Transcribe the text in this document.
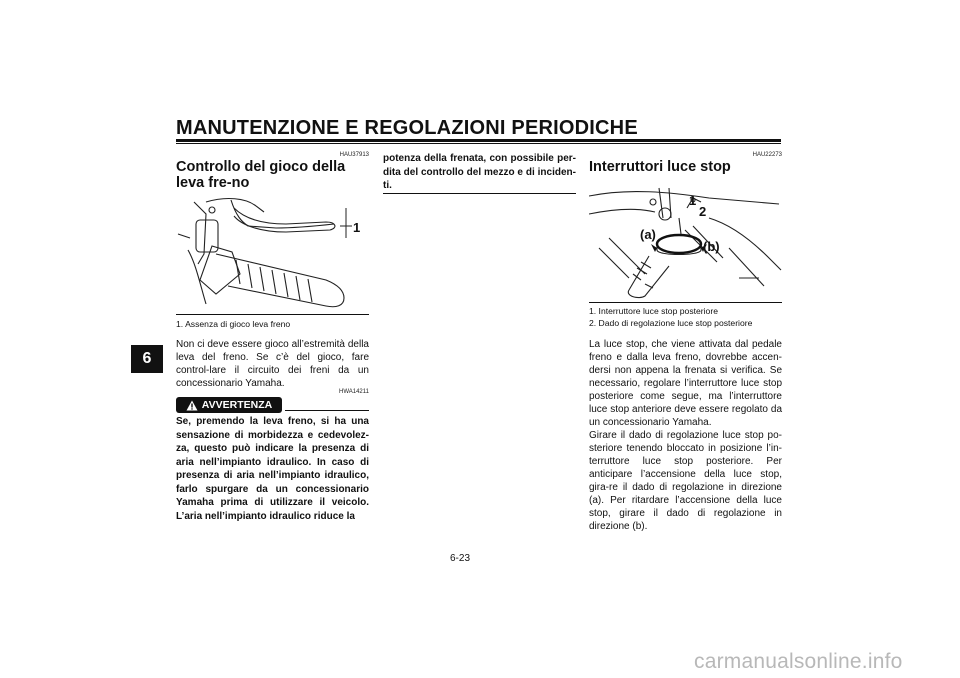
MANUTENZIONE E REGOLAZIONI PERIODICHE
6
HAU37913
Controllo del gioco della leva fre-no
1
1. Assenza di gioco leva freno
Non ci deve essere gioco all’estremità della leva del freno. Se c’è del gioco, fare control-lare il circuito dei freni da un concessionario Yamaha.
HWA14211
AVVERTENZA
Se, premendo la leva freno, si ha una sensazione di morbidezza e cedevolez-za, questo può indicare la presenza di aria nell’impianto idraulico. In caso di presenza di aria nell’impianto idraulico, farlo spurgare da un concessionario Yamaha prima di utilizzare il veicolo. L’aria nell’impianto idraulico riduce la
potenza della frenata, con possibile per-dita del controllo del mezzo e di inciden-ti.
HAU22273
Interruttori luce stop
1
2
(a)
(b)
1. Interruttore luce stop posteriore
2. Dado di regolazione luce stop posteriore
La luce stop, che viene attivata dal pedale freno e dalla leva freno, dovrebbe accen-dersi non appena la frenata si verifica. Se necessario, regolare l’interruttore luce stop posteriore come segue, ma l’interruttore luce stop anteriore deve essere regolato da un concessionario Yamaha.
Girare il dado di regolazione luce stop po-steriore tenendo bloccato in posizione l’in-terruttore luce stop posteriore. Per anticipare l’accensione della luce stop, gira-re il dado di regolazione in direzione (a). Per ritardare l’accensione della luce stop, girare il dado di regolazione in direzione (b).
6-23
carmanualsonline.info
